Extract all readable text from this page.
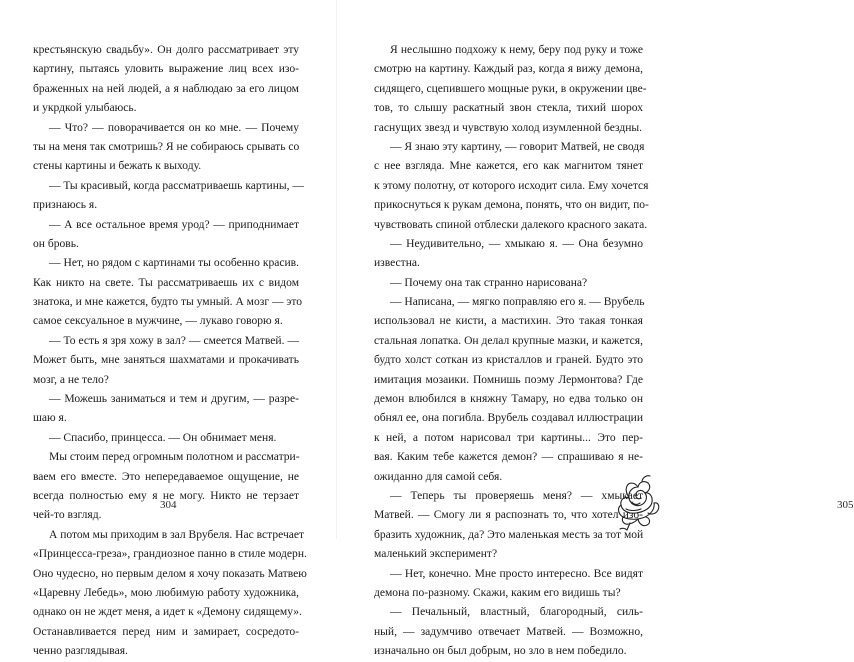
крестьянскую свадьбу». Он долго рассматривает эту
картину, пытаясь уловить выражение лиц всех изо-
браженных на ней людей, а я наблюдаю за его лицом
и укрдкой улыбаюсь.
— Что? — поворачивается он ко мне. — Почему
ты на меня так смотришь? Я не собираюсь срывать со
стены картины и бежать к выходу.
— Ты красивый, когда рассматриваешь картины, —
признаюсь я.
— А все остальное время урод? — приподнимает
он бровь.
— Нет, но рядом с картинами ты особенно красив.
Как никто на свете. Ты рассматриваешь их с видом
знатока, и мне кажется, будто ты умный. А мозг — это
самое сексуальное в мужчине, — лукаво говорю я.
— То есть я зря хожу в зал? — смеется Матвей. —
Может быть, мне заняться шахматами и прокачивать
мозг, а не тело?
— Можешь заниматься и тем и другим, — разре-
шаю я.
— Спасибо, принцесса. — Он обнимает меня.
Мы стоим перед огромным полотном и рассматри-
ваем его вместе. Это непередаваемое ощущение, не
всегда полностью ему я не могу. Никто не терзает
чей-то взгляд.
А потом мы приходим в зал Врубеля. Нас встречает
«Принцесса-греза», грандиозное панно в стиле модерн.
Оно чудесно, но первым делом я хочу показать Матвею
«Царевну Лебедь», мою любимую работу художника,
однако он не ждет меня, а идет к «Демону сидящему».
Останавливается перед ним и замирает, сосредото-
ченно разглядывая.
304	305
Я неслышно подхожу к нему, беру под руку и тоже
смотрю на картину. Каждый раз, когда я вижу демона,
сидящего, сцепившего мощные руки, в окружении цве-
тов, то слышу раскатный звон стекла, тихий шорох
гаснущих звезд и чувствую холод изумленной бездны.
— Я знаю эту картину, — говорит Матвей, не сводя
с нее взгляда. Мне кажется, его как магнитом тянет
к этому полотну, от которого исходит сила. Ему хочется
прикоснуться к рукам демона, понять, что он видит, по-
чувствовать спиной отблески далекого красного заката.
— Неудивительно, — хмыкаю я. — Она безумно
известна.
— Почему она так странно нарисована?
— Написана, — мягко поправляю его я. — Врубель
использовал не кисти, а мастихин. Это такая тонкая
стальная лопатка. Он делал крупные мазки, и кажется,
будто холст соткан из кристаллов и граней. Будто это
имитация мозаики. Помнишь поэму Лермонтова? Где
демон влюбился в княжну Тамару, но едва только он
обнял ее, она погибла. Врубель создавал иллюстрации
к ней, а потом нарисовал три картины... Это пер-
вая. Каким тебе кажется демон? — спрашиваю я не-
ожиданно для самой себя.
— Теперь ты проверяешь меня? — хмыкает
Матвей. — Смогу ли я распознать то, что хотел изо-
бразить художник, да? Это маленькая месть за тот мой
маленький эксперимент?
— Нет, конечно. Мне просто интересно. Все видят
демона по-разному. Скажи, каким его видишь ты?
— Печальный, властный, благородный, силь-
ный, — задумчиво отвечает Матвей. — Возможно,
изначально он был добрым, но зло в нем победило.
